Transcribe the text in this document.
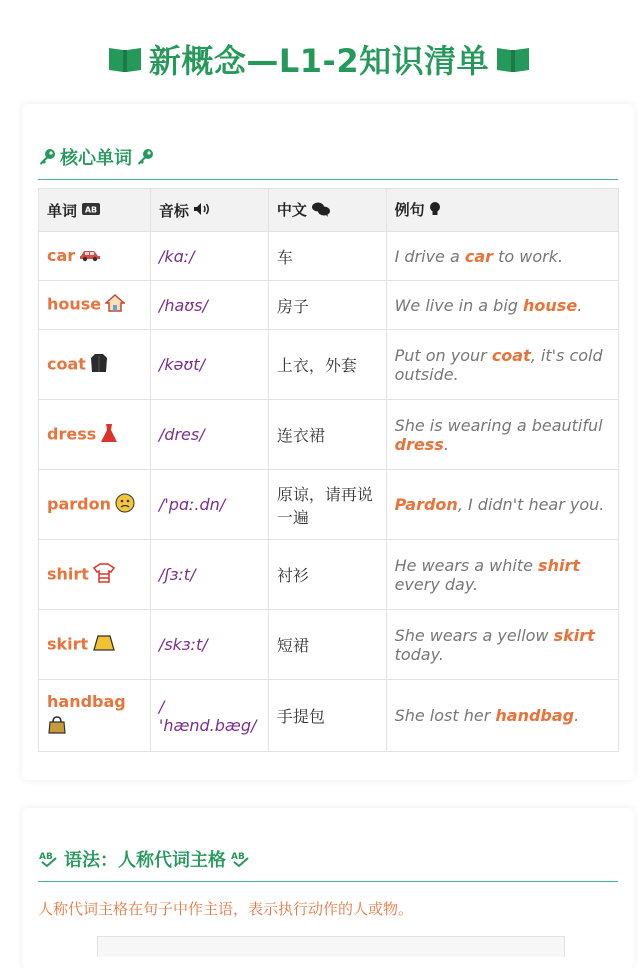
新概念—L1-2知识清单
核心单词
单词 AB	音标	中文	例句
car	/kɑː/	车	I drive a car to work.
house	/haʊs/	房子	We live in a big house.
coat	/kəʊt/	上衣，外套	Put on your coat, it's cold outside.
dress	/dres/	连衣裙	She is wearing a beautiful dress.
pardon	/'pɑː.dn/	原谅，请再说一遍	Pardon, I didn't hear you.
shirt	/ʃɜːt/	衬衫	He wears a white shirt every day.
skirt	/skɜːt/	短裙	She wears a yellow skirt today.
handbag	/ 'hænd.bæg/	手提包	She lost her handbag.
AB 语法：人称代词主格 AB
人称代词主格在句子中作主语，表示执行动作的人或物。
